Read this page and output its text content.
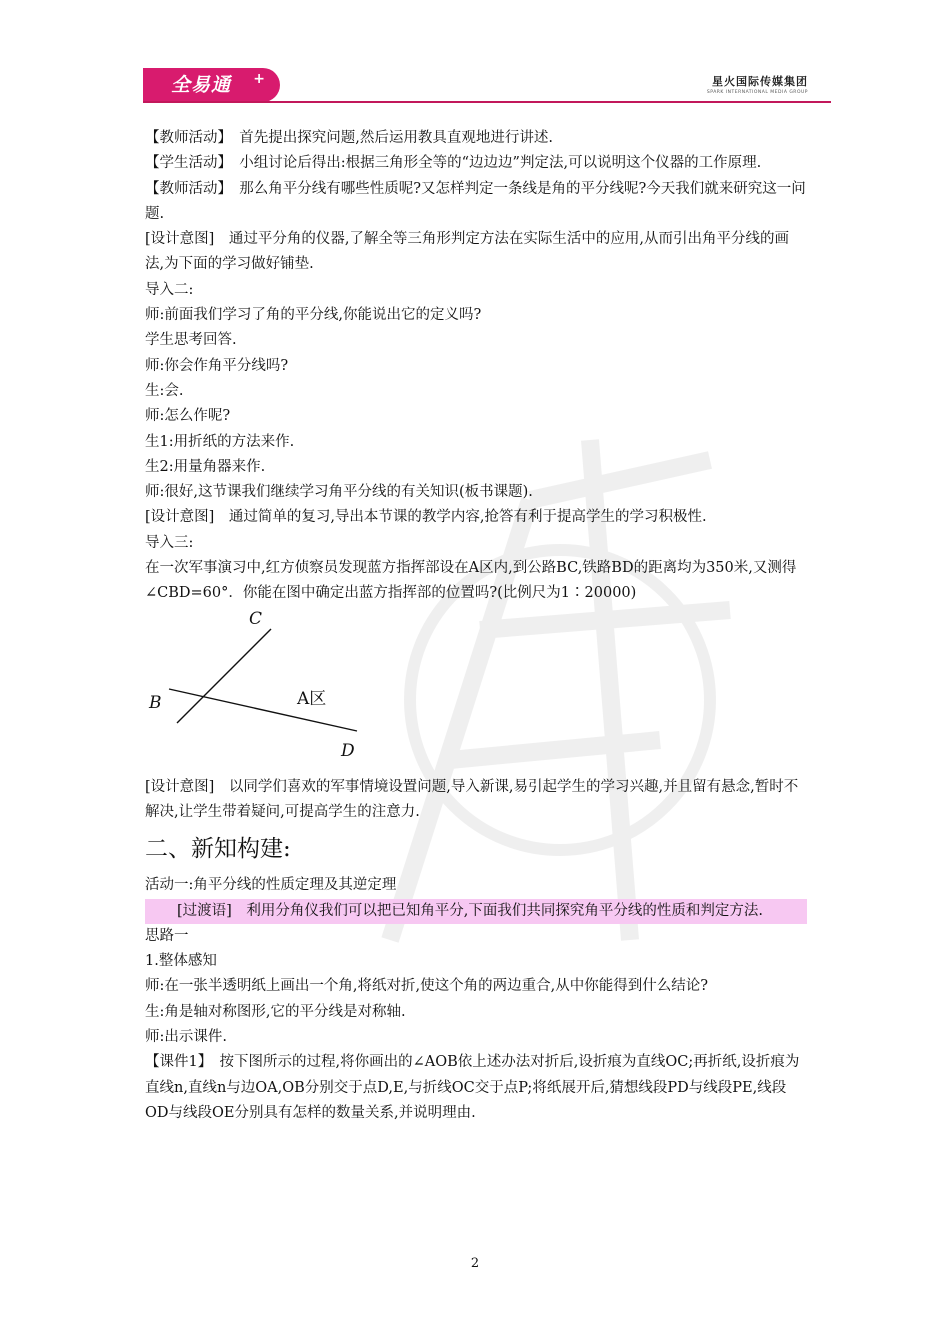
全易通 +	星火国际传媒集团
SPARK INTERNATIONAL MEDIA GROUP

【教师活动】　首先提出探究问题,然后运用教具直观地进行讲述.

【学生活动】　小组讨论后得出:根据三角形全等的“边边边”判定法,可以说明这个仪器的工作原理.

【教师活动】　那么角平分线有哪些性质呢?又怎样判定一条线是角的平分线呢?今天我们就来研究这一问题.

[设计意图]　通过平分角的仪器,了解全等三角形判定方法在实际生活中的应用,从而引出角平分线的画法,为下面的学习做好铺垫.

导入二:

师:前面我们学习了角的平分线,你能说出它的定义吗?

学生思考回答.

师:你会作角平分线吗?

生:会.

师:怎么作呢?

生1:用折纸的方法来作.

生2:用量角器来作.

师:很好,这节课我们继续学习角平分线的有关知识(板书课题).

[设计意图]　通过简单的复习,导出本节课的教学内容,抢答有利于提高学生的学习积极性.

导入三:

在一次军事演习中,红方侦察员发现蓝方指挥部设在A区内,到公路BC,铁路BD的距离均为350米,又测得∠CBD=60°．你能在图中确定出蓝方指挥部的位置吗?(比例尺为1∶20000)

C
B	A区
D

[设计意图]　以同学们喜欢的军事情境设置问题,导入新课,易引起学生的学习兴趣,并且留有悬念,暂时不解决,让学生带着疑问,可提高学生的注意力.

二、新知构建:

活动一:角平分线的性质定理及其逆定理

[过渡语]　利用分角仪我们可以把已知角平分,下面我们共同探究角平分线的性质和判定方法.

思路一

1.整体感知

师:在一张半透明纸上画出一个角,将纸对折,使这个角的两边重合,从中你能得到什么结论?

生:角是轴对称图形,它的平分线是对称轴.

师:出示课件.

【课件1】　按下图所示的过程,将你画出的∠AOB依上述办法对折后,设折痕为直线OC;再折纸,设折痕为直线n,直线n与边OA,OB分别交于点D,E,与折线OC交于点P;将纸展开后,猜想线段PD与线段PE,线段OD与线段OE分别具有怎样的数量关系,并说明理由.

2
